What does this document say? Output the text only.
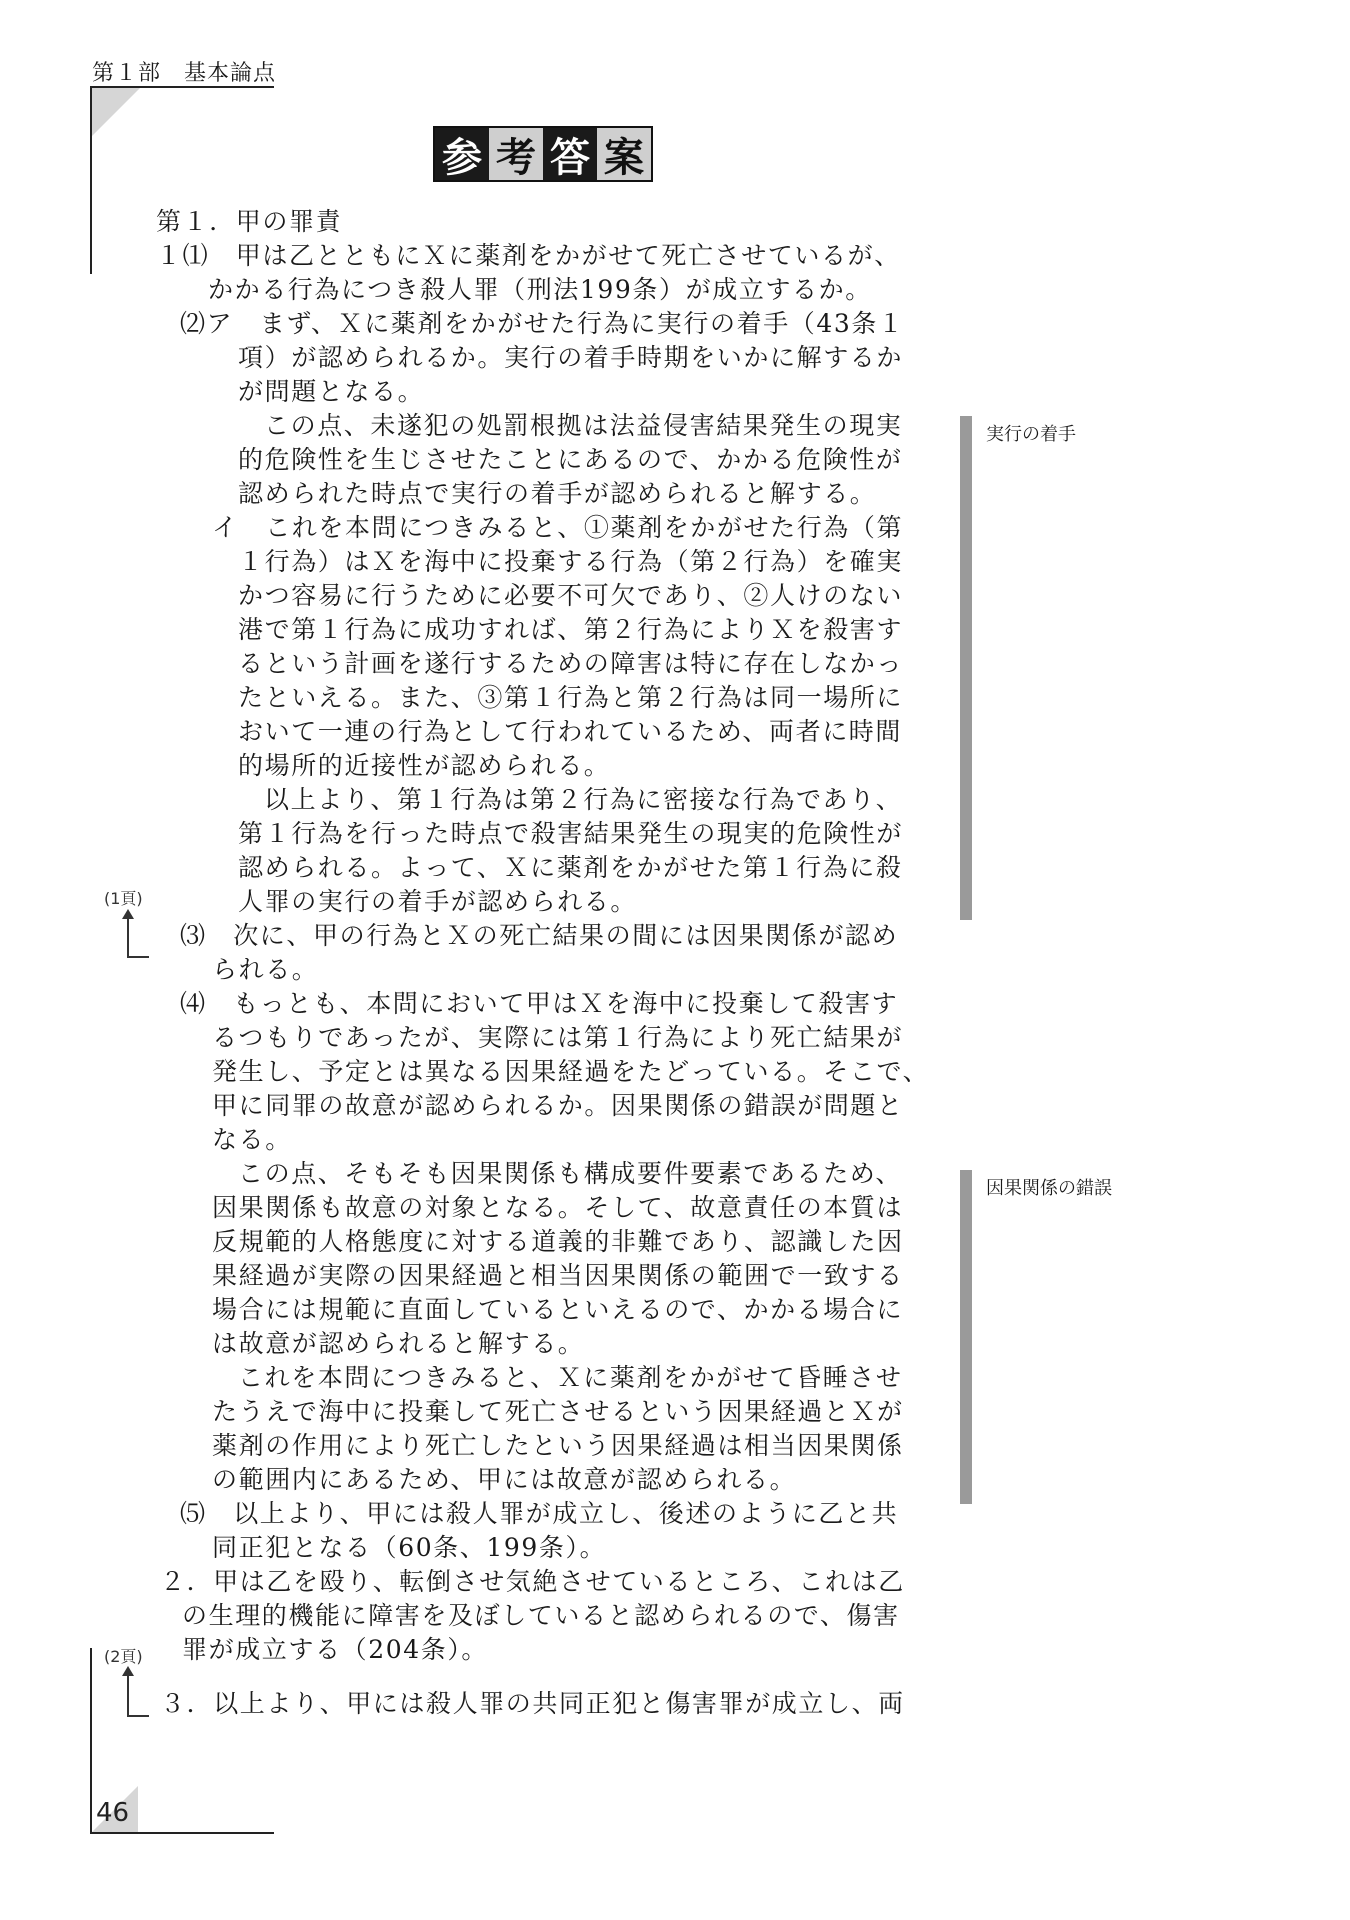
第１部　基本論点
参 考 答 案
第１．甲の罪責
１⑴　甲は乙とともにＸに薬剤をかがせて死亡させているが、
かかる行為につき殺人罪（刑法199条）が成立するか。
⑵ア　まず、Ｘに薬剤をかがせた行為に実行の着手（43条１
項）が認められるか。実行の着手時期をいかに解するか
が問題となる。
この点、未遂犯の処罰根拠は法益侵害結果発生の現実
的危険性を生じさせたことにあるので、かかる危険性が
認められた時点で実行の着手が認められると解する。
イ　これを本問につきみると、①薬剤をかがせた行為（第
１行為）はＸを海中に投棄する行為（第２行為）を確実
かつ容易に行うために必要不可欠であり、②人けのない
港で第１行為に成功すれば、第２行為によりＸを殺害す
るという計画を遂行するための障害は特に存在しなかっ
たといえる。また、③第１行為と第２行為は同一場所に
おいて一連の行為として行われているため、両者に時間
的場所的近接性が認められる。
以上より、第１行為は第２行為に密接な行為であり、
第１行為を行った時点で殺害結果発生の現実的危険性が
認められる。よって、Ｘに薬剤をかがせた第１行為に殺
人罪の実行の着手が認められる。
⑶　次に、甲の行為とＸの死亡結果の間には因果関係が認め
られる。
⑷　もっとも、本問において甲はＸを海中に投棄して殺害す
るつもりであったが、実際には第１行為により死亡結果が
発生し、予定とは異なる因果経過をたどっている。そこで、
甲に同罪の故意が認められるか。因果関係の錯誤が問題と
なる。
この点、そもそも因果関係も構成要件要素であるため、
因果関係も故意の対象となる。そして、故意責任の本質は
反規範的人格態度に対する道義的非難であり、認識した因
果経過が実際の因果経過と相当因果関係の範囲で一致する
場合には規範に直面しているといえるので、かかる場合に
は故意が認められると解する。
これを本問につきみると、Ｘに薬剤をかがせて昏睡させ
たうえで海中に投棄して死亡させるという因果経過とＸが
薬剤の作用により死亡したという因果経過は相当因果関係
の範囲内にあるため、甲には故意が認められる。
⑸　以上より、甲には殺人罪が成立し、後述のように乙と共
同正犯となる（60条、199条）。
２．甲は乙を殴り、転倒させ気絶させているところ、これは乙
の生理的機能に障害を及ぼしていると認められるので、傷害
罪が成立する（204条）。
３．以上より、甲には殺人罪の共同正犯と傷害罪が成立し、両
実行の着手
因果関係の錯誤
(1頁)
(2頁)
46
